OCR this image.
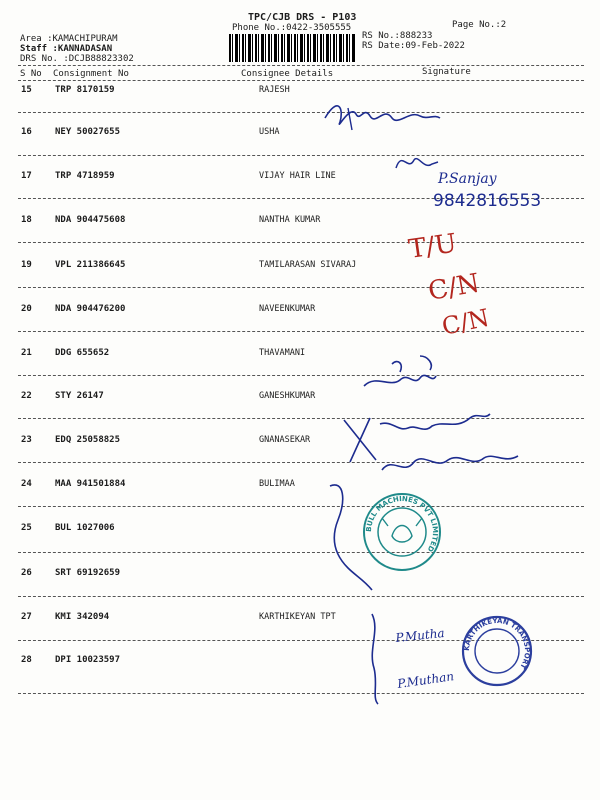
TPC/CJB DRS - P103
Phone No.:0422-3505555	Page No.:2
Area :KAMACHIPURAM
Staff :KANNADASAN
DRS No. :DCJB88823302
RS No.:888233
RS Date:09-Feb-2022
S No Consignment No	Consignee Details	Signature
15	TRP 8170159	RAJESH
16	NEY 50027655	USHA
17	TRP 4718959	VIJAY HAIR LINE
18	NDA 904475608	NANTHA KUMAR
19	VPL 211386645	TAMILARASAN SIVARAJ
20	NDA 904476200	NAVEENKUMAR
21	DDG 655652	THAVAMANI
22	STY 26147	GANESHKUMAR
23	EDQ 25058825	GNANASEKAR
24	MAA 941501884	BULIMAA
25	BUL 1027006
26	SRT 69192659
27	KMI 342094	KARTHIKEYAN TPT
28	DPI 10023597
P.Sanjay
9842816553
T/U
C/N
C/N
BULL MACHINES PVT LIMITED
P.Mutha
P.Muthan
KARTHIKEYAN TRANSPORT
